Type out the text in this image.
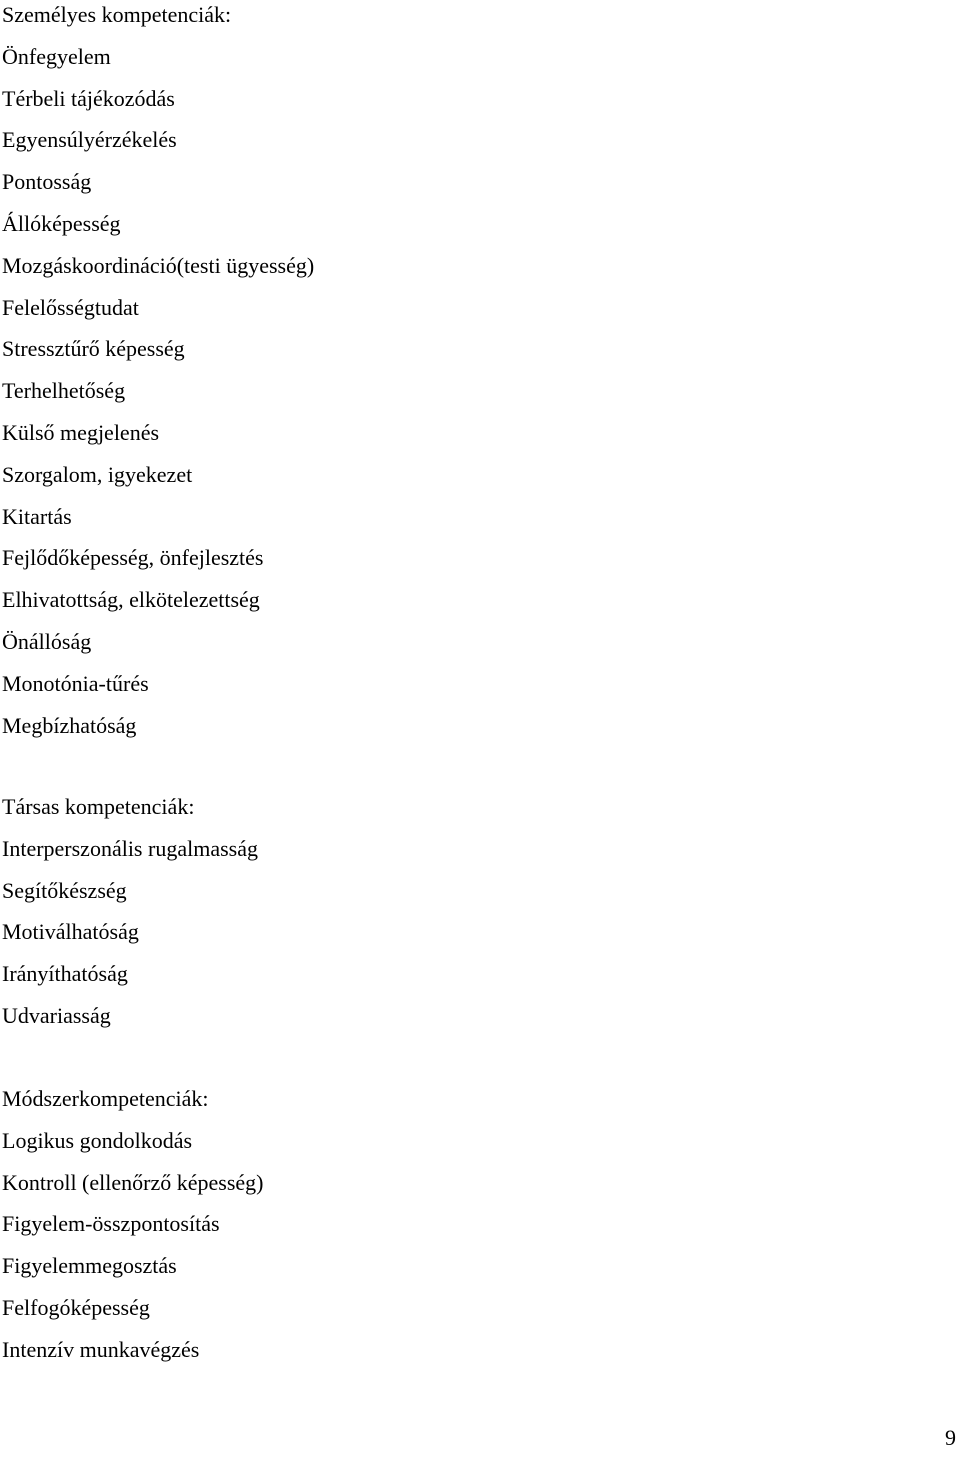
Személyes kompetenciák:
Önfegyelem
Térbeli tájékozódás
Egyensúlyérzékelés
Pontosság
Állóképesség
Mozgáskoordináció(testi ügyesség)
Felelősségtudat
Stressztűrő képesség
Terhelhetőség
Külső megjelenés
Szorgalom, igyekezet
Kitartás
Fejlődőképesség, önfejlesztés
Elhivatottság, elkötelezettség
Önállóság
Monotónia-tűrés
Megbízhatóság
Társas kompetenciák:
Interperszonális rugalmasság
Segítőkészség
Motiválhatóság
Irányíthatóság
Udvariasság
Módszerkompetenciák:
Logikus gondolkodás
Kontroll (ellenőrző képesség)
Figyelem-összpontosítás
Figyelemmegosztás
Felfogóképesség
Intenzív munkavégzés
9
